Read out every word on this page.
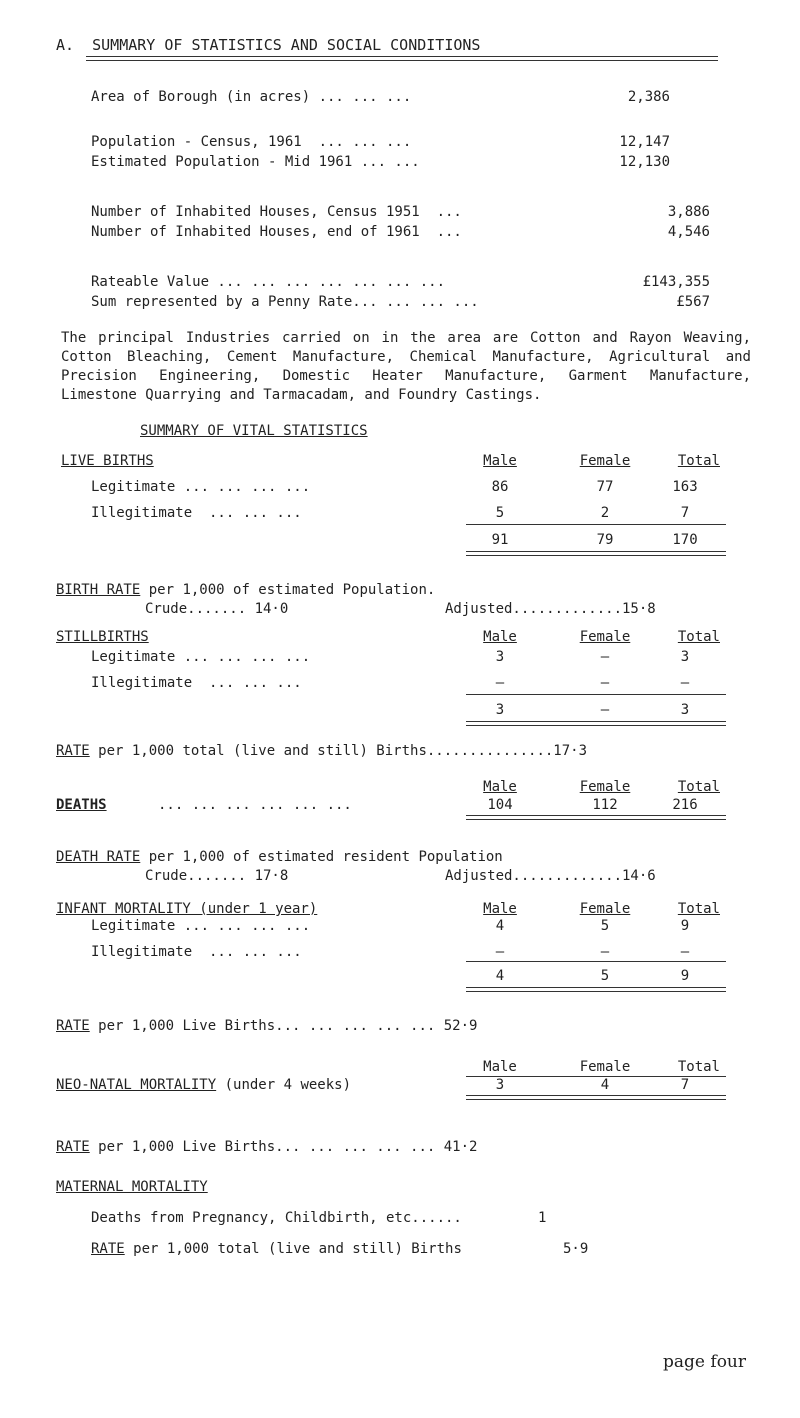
A.  SUMMARY OF STATISTICS AND SOCIAL CONDITIONS
Area of Borough (in acres) ... ... ...	2,386
Population - Census, 1961  ... ... ...	12,147
Estimated Population - Mid 1961 ... ...	12,130
Number of Inhabited Houses, Census 1951  ...	3,886
Number of Inhabited Houses, end of 1961  ...	4,546
Rateable Value ... ... ... ... ... ... ...	£143,355
Sum represented by a Penny Rate... ... ... ...	£567
The principal Industries carried on in the area are Cotton and Rayon Weaving, Cotton Bleaching, Cement Manufacture, Chemical Manufacture, Agricultural and Precision Engineering, Domestic Heater Manufacture, Garment Manufacture, Limestone Quarrying and Tarmacadam, and Foundry Castings.
SUMMARY OF VITAL STATISTICS
LIVE BIRTHS	Male	Female	Total
Legitimate ... ... ... ...	86	77	163
Illegitimate  ... ... ...	5	2	7
91	79	170
BIRTH RATE per 1,000 of estimated Population.
Crude....... 14·0	Adjusted.............15·8
STILLBIRTHS	Male	Female	Total
Legitimate ... ... ... ...	3	–	3
Illegitimate  ... ... ...	–	–	–
3	–	3
RATE per 1,000 total (live and still) Births...............17·3
Male	Female	Total
DEATHS	... ... ... ... ... ...	104	112	216
DEATH RATE per 1,000 of estimated resident Population
Crude....... 17·8	Adjusted.............14·6
INFANT MORTALITY (under 1 year)	Male	Female	Total
Legitimate ... ... ... ...	4	5	9
Illegitimate  ... ... ...	–	–	–
4	5	9
RATE per 1,000 Live Births... ... ... ... ... 52·9
Male	Female	Total
NEO-NATAL MORTALITY (under 4 weeks)	3	4	7
RATE per 1,000 Live Births... ... ... ... ... 41·2
MATERNAL MORTALITY
Deaths from Pregnancy, Childbirth, etc......	1
RATE per 1,000 total (live and still) Births	5·9
page four
